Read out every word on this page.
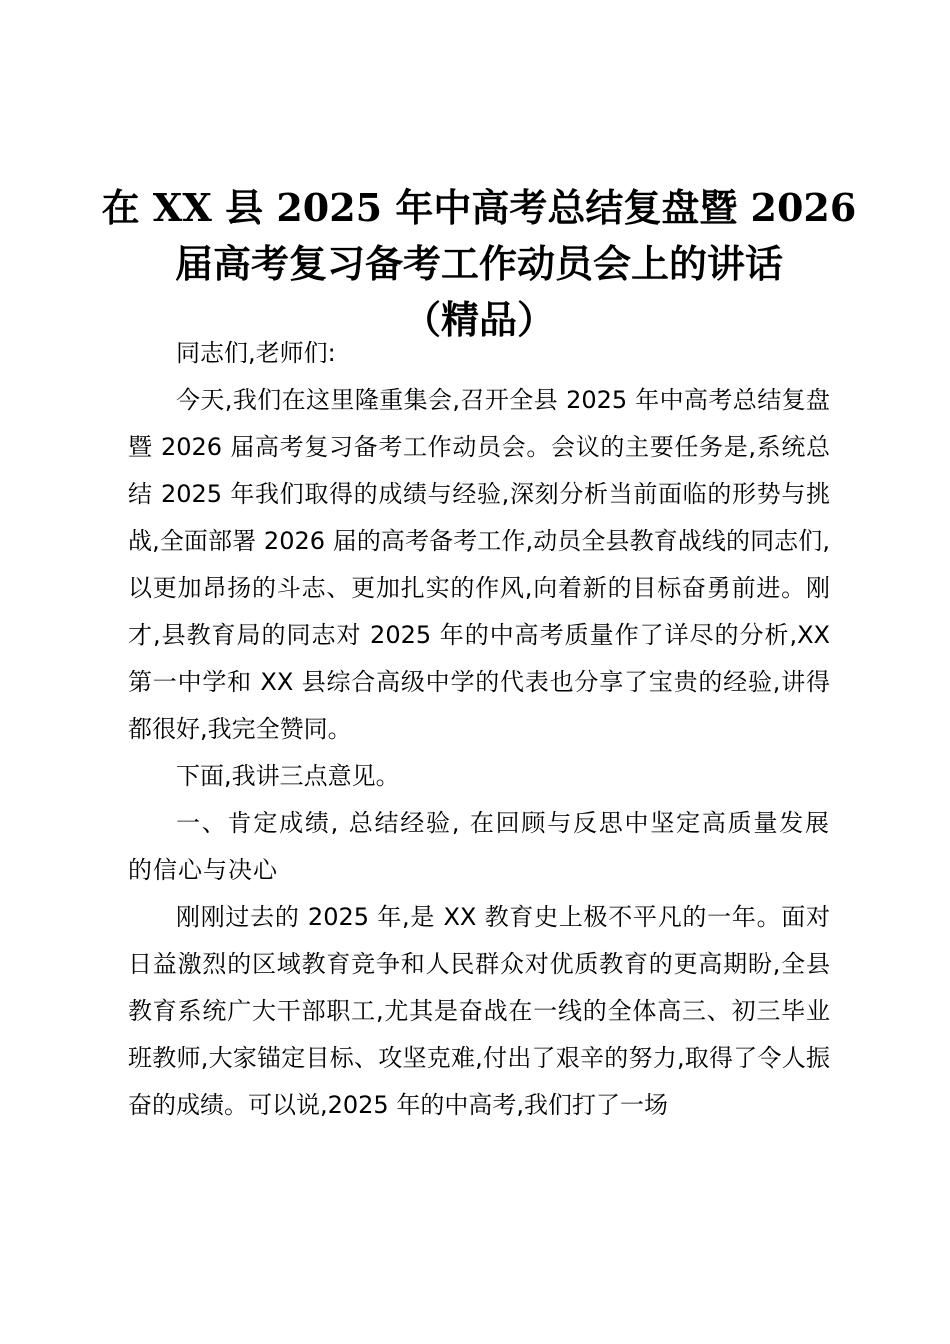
在 XX 县 2025 年中高考总结复盘暨 2026
届高考复习备考工作动员会上的讲话
（精品）

同志们,老师们:

今天,我们在这里隆重集会,召开全县 2025 年中高考总结复盘暨 2026 届高考复习备考工作动员会。会议的主要任务是,系统总结 2025 年我们取得的成绩与经验,深刻分析当前面临的形势与挑战,全面部署 2026 届的高考备考工作,动员全县教育战线的同志们,以更加昂扬的斗志、更加扎实的作风,向着新的目标奋勇前进。刚才,县教育局的同志对 2025 年的中高考质量作了详尽的分析,XX 第一中学和 XX 县综合高级中学的代表也分享了宝贵的经验,讲得都很好,我完全赞同。

下面,我讲三点意见。

一、肯定成绩, 总结经验, 在回顾与反思中坚定高质量发展的信心与决心

刚刚过去的 2025 年,是 XX 教育史上极不平凡的一年。面对日益激烈的区域教育竞争和人民群众对优质教育的更高期盼,全县教育系统广大干部职工,尤其是奋战在一线的全体高三、初三毕业班教师,大家锚定目标、攻坚克难,付出了艰辛的努力,取得了令人振奋的成绩。可以说,2025 年的中高考,我们打了一场
